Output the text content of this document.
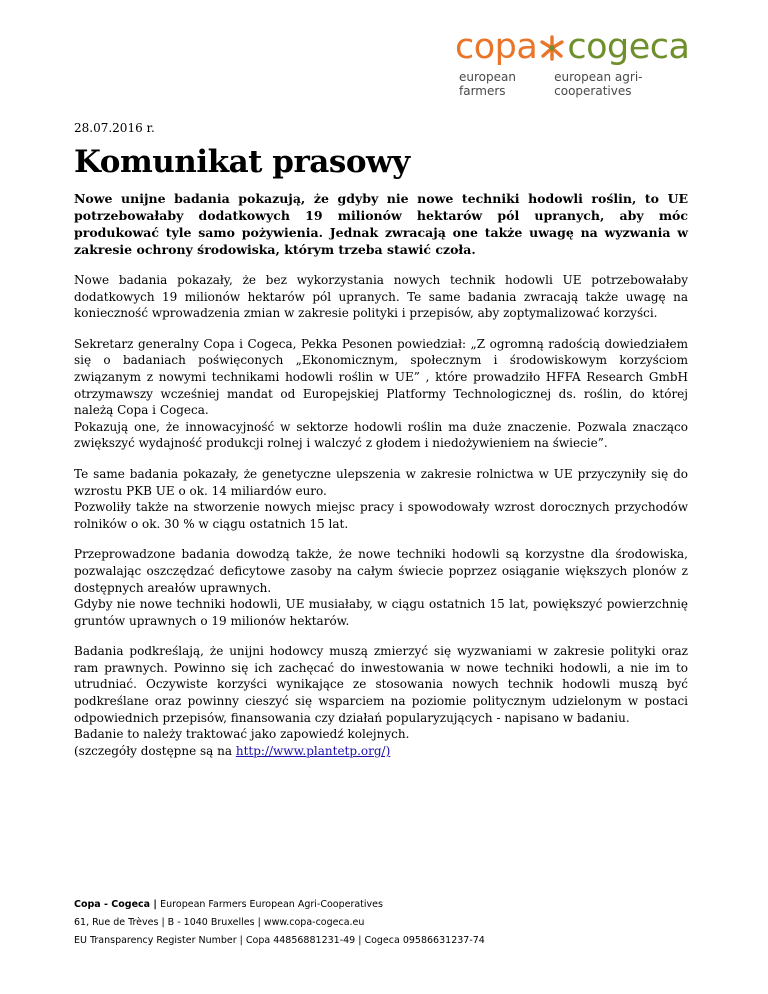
copa cogeca
european farmers
european agri-cooperatives

28.07.2016 r.

Komunikat prasowy

Nowe unijne badania pokazują, że gdyby nie nowe techniki hodowli roślin, to UE potrzebowałaby dodatkowych 19 milionów hektarów pól upranych, aby móc produkować tyle samo pożywienia. Jednak zwracają one także uwagę na wyzwania w zakresie ochrony środowiska, którym trzeba stawić czoła.

Nowe badania pokazały, że bez wykorzystania nowych technik hodowli UE potrzebowałaby dodatkowych 19 milionów hektarów pól upranych. Te same badania zwracają także uwagę na konieczność wprowadzenia zmian w zakresie polityki i przepisów, aby zoptymalizować korzyści.

Sekretarz generalny Copa i Cogeca, Pekka Pesonen powiedział: „Z ogromną radością dowiedziałem się o badaniach poświęconych „Ekonomicznym, społecznym i środowiskowym korzyściom związanym z nowymi technikami hodowli roślin w UE” , które prowadziło HFFA Research GmbH otrzymawszy wcześniej mandat od Europejskiej Platformy Technologicznej ds. roślin, do której należą Copa i Cogeca.
Pokazują one, że innowacyjność w sektorze hodowli roślin ma duże znaczenie. Pozwala znacząco zwiększyć wydajność produkcji rolnej i walczyć z głodem i niedożywieniem na świecie”.

Te same badania pokazały, że genetyczne ulepszenia w zakresie rolnictwa w UE przyczyniły się do wzrostu PKB UE o ok. 14 miliardów euro.
Pozwoliły także na stworzenie nowych miejsc pracy i spowodowały wzrost dorocznych przychodów rolników o ok. 30 % w ciągu ostatnich 15 lat.

Przeprowadzone badania dowodzą także, że nowe techniki hodowli są korzystne dla środowiska, pozwalając oszczędzać deficytowe zasoby na całym świecie poprzez osiąganie większych plonów z dostępnych areałów uprawnych.
Gdyby nie nowe techniki hodowli, UE musiałaby, w ciągu ostatnich 15 lat, powiększyć powierzchnię gruntów uprawnych o 19 milionów hektarów.

Badania podkreślają, że unijni hodowcy muszą zmierzyć się wyzwaniami w zakresie polityki oraz ram prawnych. Powinno się ich zachęcać do inwestowania w nowe techniki hodowli, a nie im to utrudniać. Oczywiste korzyści wynikające ze stosowania nowych technik hodowli muszą być podkreślane oraz powinny cieszyć się wsparciem na poziomie politycznym udzielonym w postaci odpowiednich przepisów, finansowania czy działań popularyzujących - napisano w badaniu.
Badanie to należy traktować jako zapowiedź kolejnych.
(szczegóły dostępne są na http://www.plantetp.org/)

Copa - Cogeca | European Farmers European Agri-Cooperatives
61, Rue de Trèves | B - 1040 Bruxelles | www.copa-cogeca.eu
EU Transparency Register Number | Copa 44856881231-49 | Cogeca 09586631237-74
